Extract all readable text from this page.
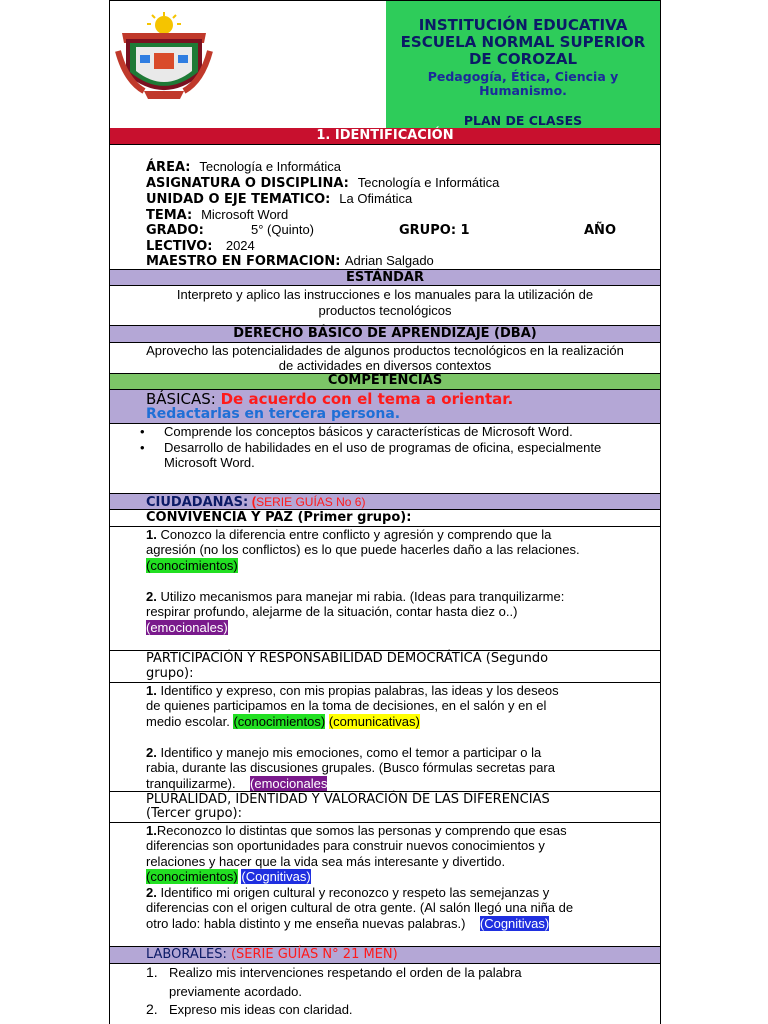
INSTITUCIÓN EDUCATIVA
ESCUELA NORMAL SUPERIOR
DE COROZAL
Pedagogía, Ética, Ciencia y
Humanismo.
PLAN DE CLASES
1. IDENTIFICACIÓN
ÁREA: Tecnología e Informática
ASIGNATURA O DISCIPLINA: Tecnología e Informática
UNIDAD O EJE TEMATICO: La Ofimática
TEMA: Microsoft Word
GRADO:	5° (Quinto)	GRUPO: 1	AÑO
LECTIVO: 2024
MAESTRO EN FORMACION: Adrian Salgado
ESTÁNDAR
Interpreto y aplico las instrucciones e los manuales para la utilización de
productos tecnológicos
DERECHO BÁSICO DE APRENDIZAJE (DBA)
Aprovecho las potencialidades de algunos productos tecnológicos en la realización
de actividades en diversos contextos
COMPETENCIAS
BÁSICAS: De acuerdo con el tema a orientar.
Redactarlas en tercera persona.
• Comprende los conceptos básicos y características de Microsoft Word.
• Desarrollo de habilidades en el uso de programas de oficina, especialmente
Microsoft Word.
CIUDADANAS: (SERIE GUÍAS No 6)
CONVIVENCIA Y PAZ (Primer grupo):
1. Conozco la diferencia entre conflicto y agresión y comprendo que la
agresión (no los conflictos) es lo que puede hacerles daño a las relaciones.
(conocimientos)
2. Utilizo mecanismos para manejar mi rabia. (Ideas para tranquilizarme:
respirar profundo, alejarme de la situación, contar hasta diez o..)
(emocionales)
PARTICIPACIÓN Y RESPONSABILIDAD DEMOCRÁTICA (Segundo
grupo):
1. Identifico y expreso, con mis propias palabras, las ideas y los deseos
de quienes participamos en la toma de decisiones, en el salón y en el
medio escolar. (conocimientos) (comunicativas)
2. Identifico y manejo mis emociones, como el temor a participar o la
rabia, durante las discusiones grupales. (Busco fórmulas secretas para
tranquilizarme). (emocionales
PLURALIDAD, IDENTIDAD Y VALORACIÓN DE LAS DIFERENCIAS
(Tercer grupo):
1.Reconozco lo distintas que somos las personas y comprendo que esas
diferencias son oportunidades para construir nuevos conocimientos y
relaciones y hacer que la vida sea más interesante y divertido.
(conocimientos) (Cognitivas)
2. Identifico mi origen cultural y reconozco y respeto las semejanzas y
diferencias con el origen cultural de otra gente. (Al salón llegó una niña de
otro lado: habla distinto y me enseña nuevas palabras.) (Cognitivas)
LABORALES: (SERIE GUÍAS N° 21 MEN)
1. Realizo mis intervenciones respetando el orden de la palabra
previamente acordado.
2. Expreso mis ideas con claridad.
